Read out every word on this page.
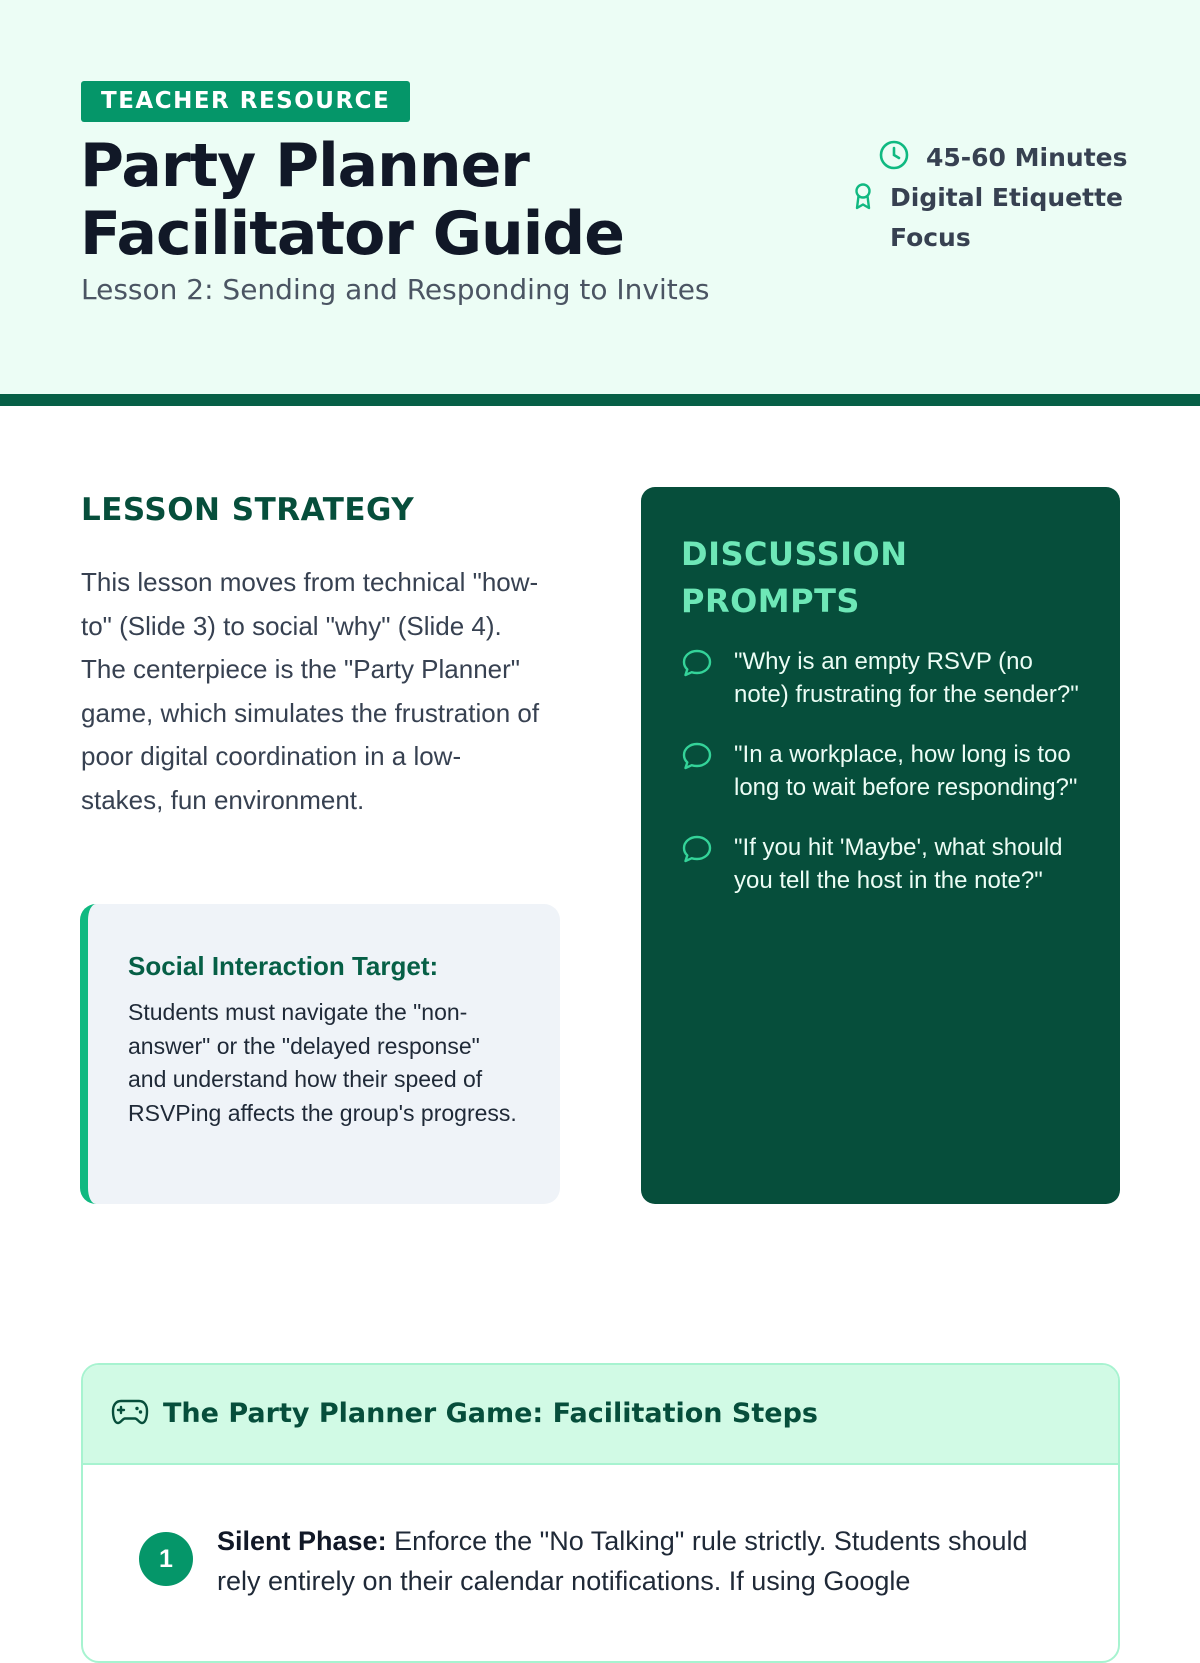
TEACHER RESOURCE
Party Planner Facilitator Guide
Lesson 2: Sending and Responding to Invites
45-60 Minutes
Digital Etiquette Focus
LESSON STRATEGY

This lesson moves from technical "how-to" (Slide 3) to social "why" (Slide 4). The centerpiece is the "Party Planner" game, which simulates the frustration of poor digital coordination in a low-stakes, fun environment.

Social Interaction Target:

Students must navigate the "non-answer" or the "delayed response" and understand how their speed of RSVPing affects the group's progress.

DISCUSSION PROMPTS
"Why is an empty RSVP (no note) frustrating for the sender?"
"In a workplace, how long is too long to wait before responding?"
"If you hit 'Maybe', what should you tell the host in the note?"
The Party Planner Game: Facilitation Steps
1

Silent Phase: Enforce the "No Talking" rule strictly. Students should rely entirely on their calendar notifications. If using Google
